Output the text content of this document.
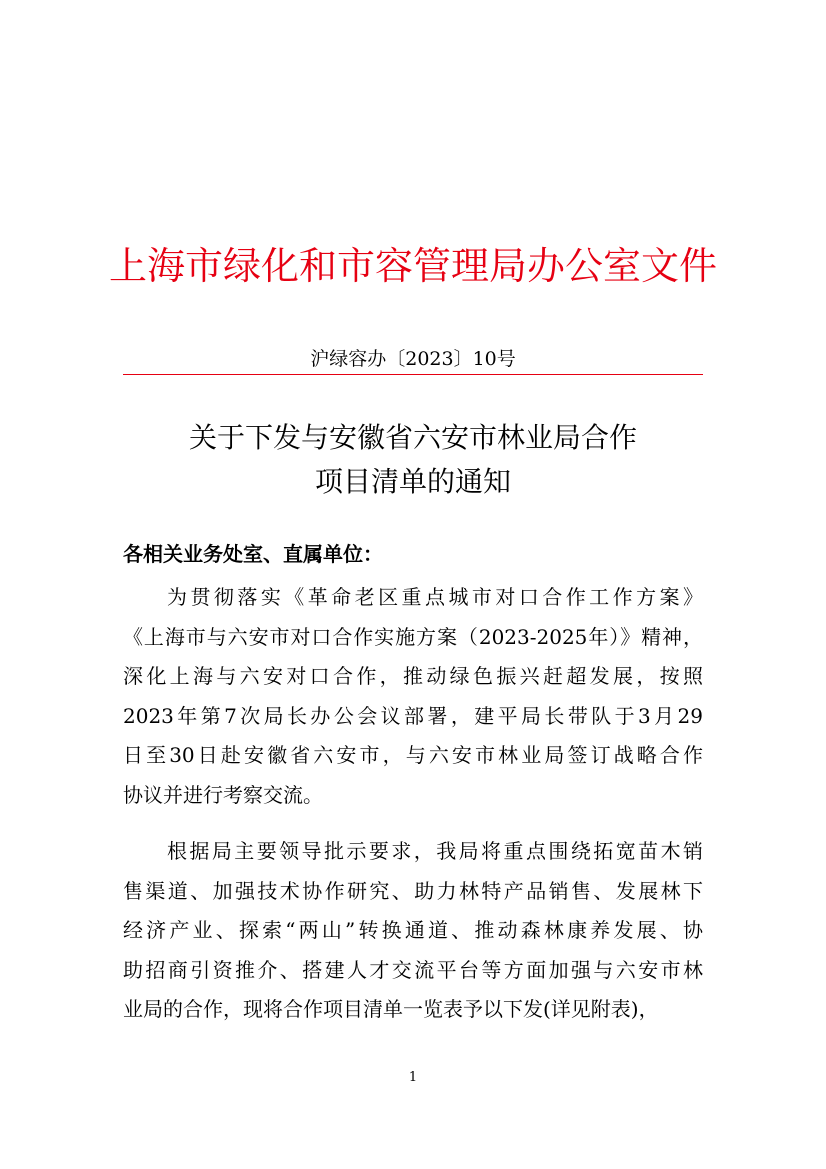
上海市绿化和市容管理局办公室文件
沪绿容办〔2023〕10号
关于下发与安徽省六安市林业局合作
项目清单的通知
各相关业务处室、直属单位：
为贯彻落实《革命老区重点城市对口合作工作方案》
《上海市与六安市对口合作实施方案（2023-2025年）》精神，
深化上海与六安对口合作，推动绿色振兴赶超发展，按照
2023年第7次局长办公会议部署，建平局长带队于3月29
日至30日赴安徽省六安市，与六安市林业局签订战略合作
协议并进行考察交流。
根据局主要领导批示要求，我局将重点围绕拓宽苗木销
售渠道、加强技术协作研究、助力林特产品销售、发展林下
经济产业、探索“两山”转换通道、推动森林康养发展、协
助招商引资推介、搭建人才交流平台等方面加强与六安市林
业局的合作，现将合作项目清单一览表予以下发(详见附表)，
1
